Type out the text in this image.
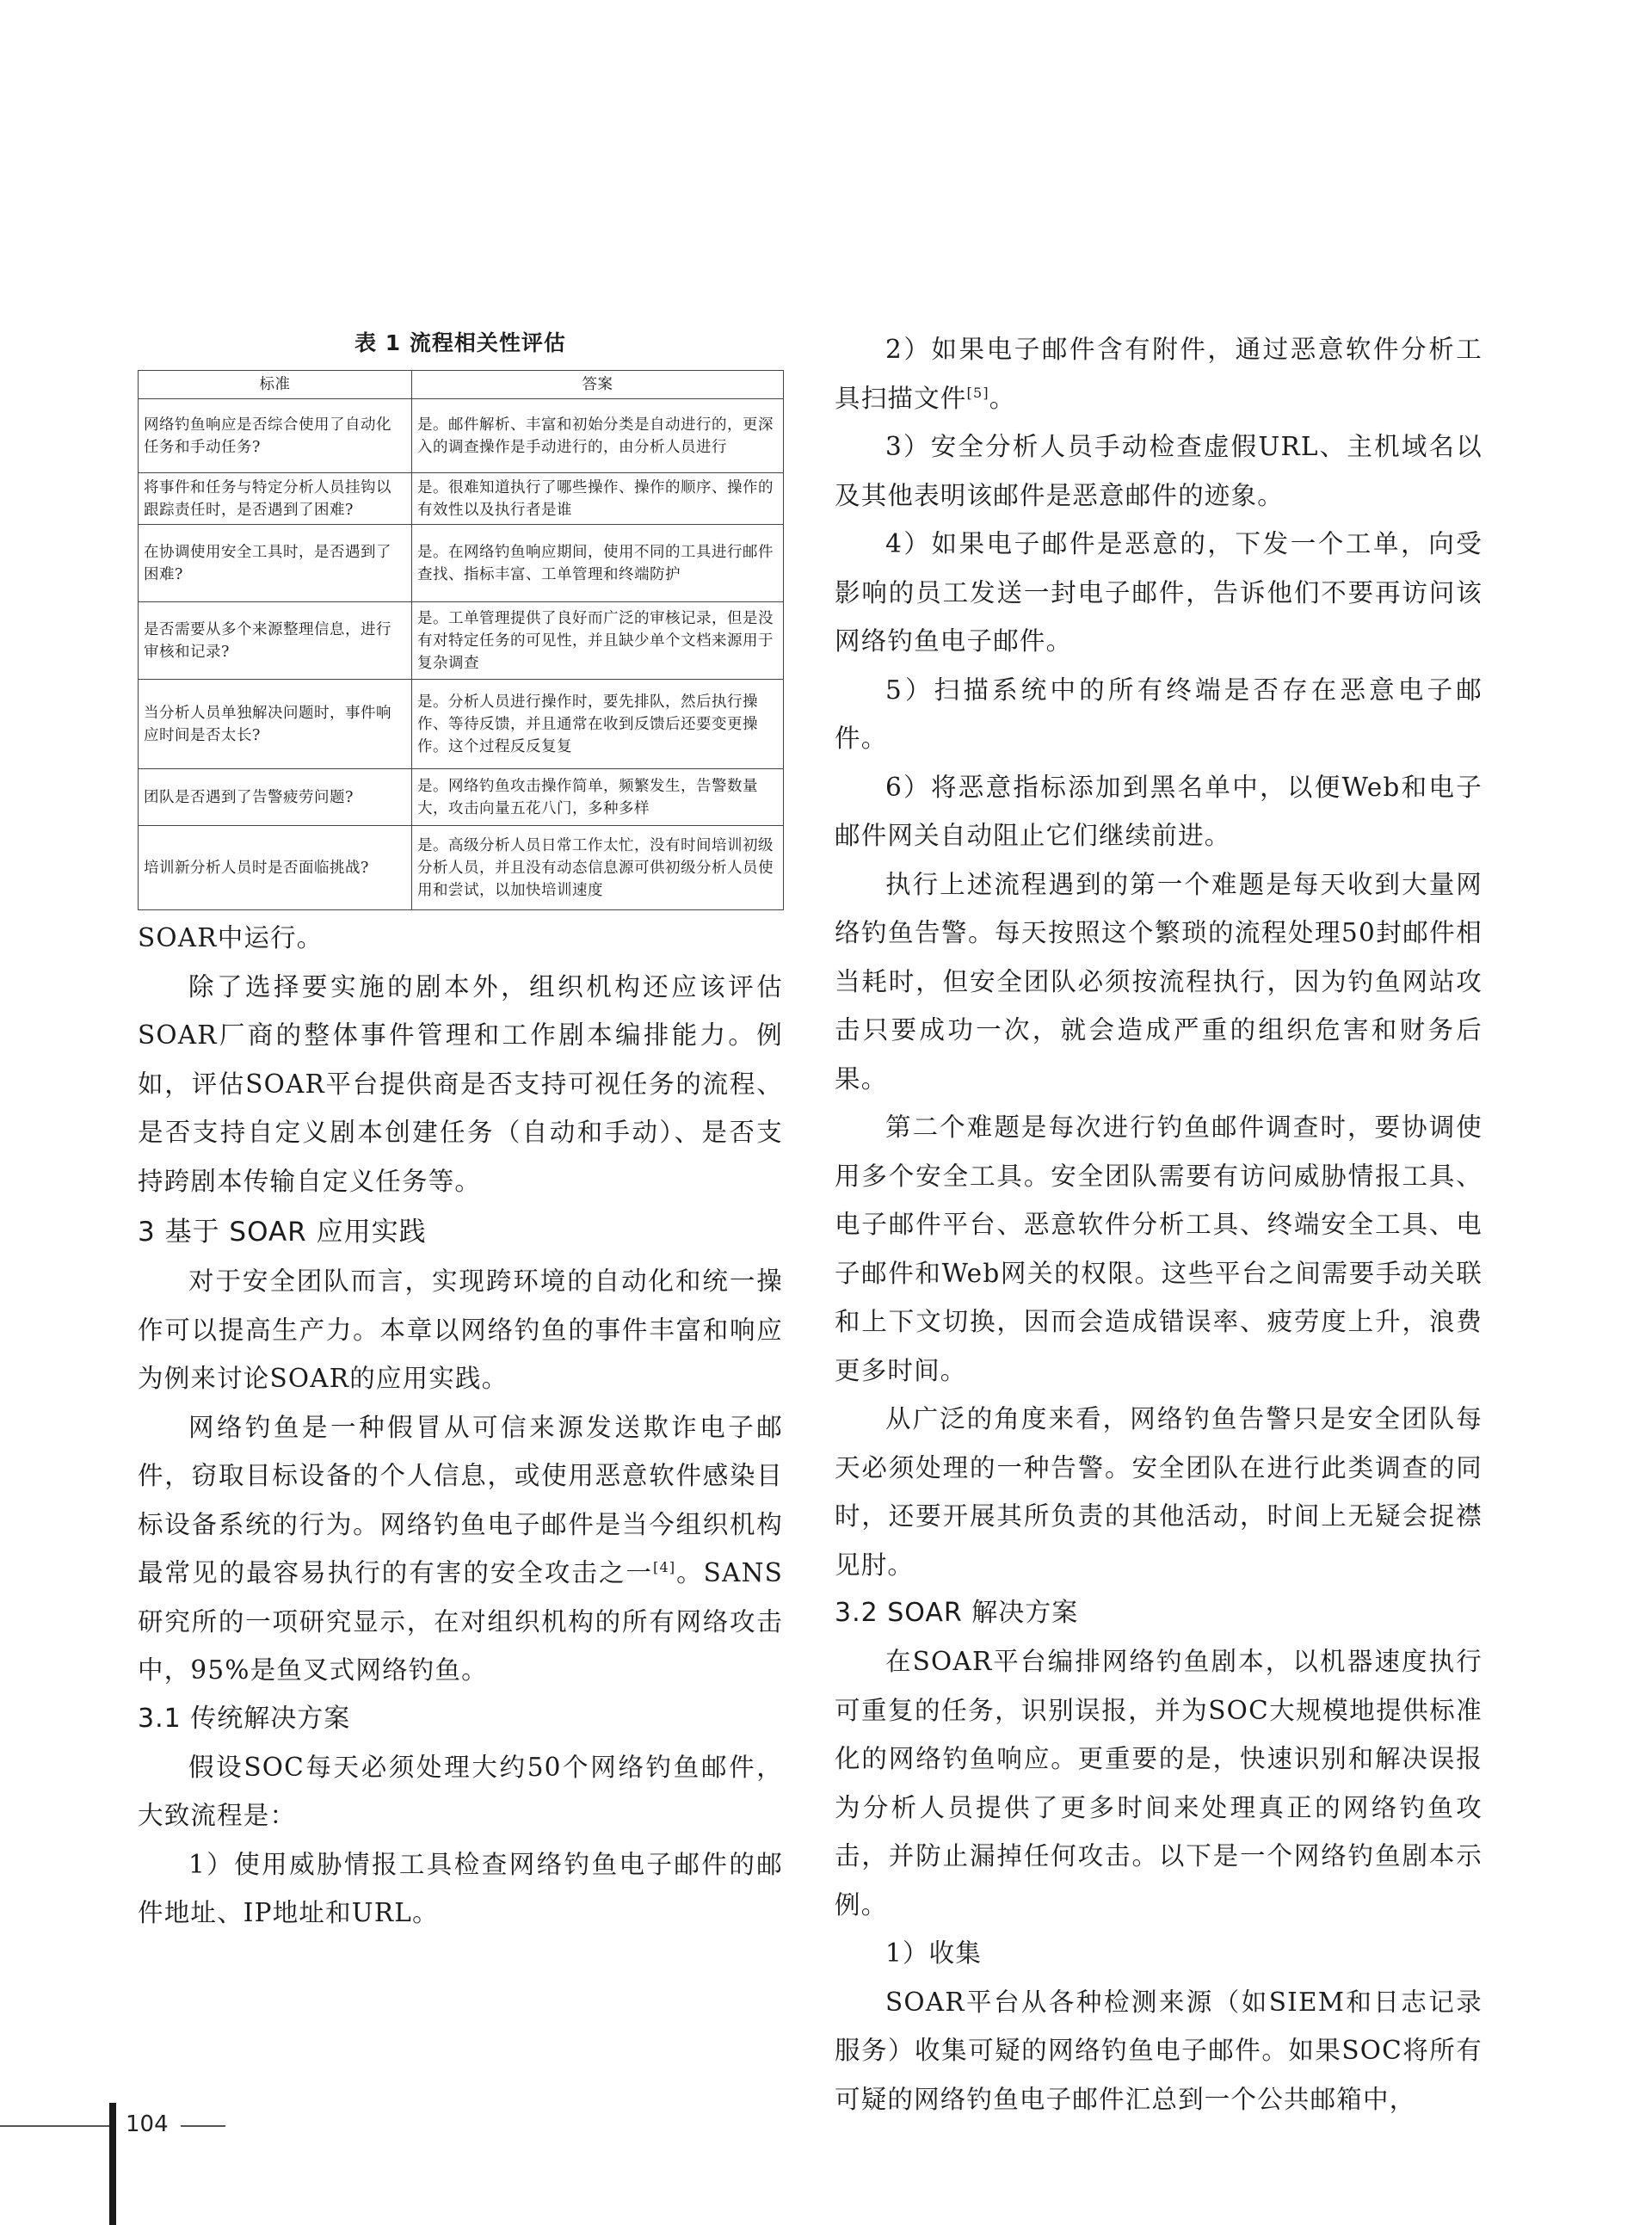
表 1 流程相关性评估
标准	答案
网络钓鱼响应是否综合使用了自动化任务和手动任务?	是。邮件解析、丰富和初始分类是自动进行的，更深入的调查操作是手动进行的，由分析人员进行
将事件和任务与特定分析人员挂钩以跟踪责任时，是否遇到了困难?	是。很难知道执行了哪些操作、操作的顺序、操作的有效性以及执行者是谁
在协调使用安全工具时，是否遇到了困难?	是。在网络钓鱼响应期间，使用不同的工具进行邮件查找、指标丰富、工单管理和终端防护
是否需要从多个来源整理信息，进行审核和记录?	是。工单管理提供了良好而广泛的审核记录，但是没有对特定任务的可见性，并且缺少单个文档来源用于复杂调查
当分析人员单独解决问题时，事件响应时间是否太长?	是。分析人员进行操作时，要先排队，然后执行操作、等待反馈，并且通常在收到反馈后还要变更操作。这个过程反反复复
团队是否遇到了告警疲劳问题?	是。网络钓鱼攻击操作简单，频繁发生，告警数量大，攻击向量五花八门，多种多样
培训新分析人员时是否面临挑战?	是。高级分析人员日常工作太忙，没有时间培训初级分析人员，并且没有动态信息源可供初级分析人员使用和尝试，以加快培训速度

SOAR中运行。

除了选择要实施的剧本外，组织机构还应该评估SOAR厂商的整体事件管理和工作剧本编排能力。例如，评估SOAR平台提供商是否支持可视任务的流程、是否支持自定义剧本创建任务（自动和手动）、是否支持跨剧本传输自定义任务等。

3 基于 SOAR 应用实践

对于安全团队而言，实现跨环境的自动化和统一操作可以提高生产力。本章以网络钓鱼的事件丰富和响应为例来讨论SOAR的应用实践。

网络钓鱼是一种假冒从可信来源发送欺诈电子邮件，窃取目标设备的个人信息，或使用恶意软件感染目标设备系统的行为。网络钓鱼电子邮件是当今组织机构最常见的最容易执行的有害的安全攻击之一[4]。SANS研究所的一项研究显示，在对组织机构的所有网络攻击中，95%是鱼叉式网络钓鱼。

3.1 传统解决方案

假设SOC每天必须处理大约50个网络钓鱼邮件，大致流程是：

1）使用威胁情报工具检查网络钓鱼电子邮件的邮件地址、IP地址和URL。

2）如果电子邮件含有附件，通过恶意软件分析工具扫描文件[5]。

3）安全分析人员手动检查虚假URL、主机域名以及其他表明该邮件是恶意邮件的迹象。

4）如果电子邮件是恶意的，下发一个工单，向受影响的员工发送一封电子邮件，告诉他们不要再访问该网络钓鱼电子邮件。

5）扫描系统中的所有终端是否存在恶意电子邮件。

6）将恶意指标添加到黑名单中，以便Web和电子邮件网关自动阻止它们继续前进。

执行上述流程遇到的第一个难题是每天收到大量网络钓鱼告警。每天按照这个繁琐的流程处理50封邮件相当耗时，但安全团队必须按流程执行，因为钓鱼网站攻击只要成功一次，就会造成严重的组织危害和财务后果。

第二个难题是每次进行钓鱼邮件调查时，要协调使用多个安全工具。安全团队需要有访问威胁情报工具、电子邮件平台、恶意软件分析工具、终端安全工具、电子邮件和Web网关的权限。这些平台之间需要手动关联和上下文切换，因而会造成错误率、疲劳度上升，浪费更多时间。

从广泛的角度来看，网络钓鱼告警只是安全团队每天必须处理的一种告警。安全团队在进行此类调查的同时，还要开展其所负责的其他活动，时间上无疑会捉襟见肘。

3.2 SOAR 解决方案

在SOAR平台编排网络钓鱼剧本，以机器速度执行可重复的任务，识别误报，并为SOC大规模地提供标准化的网络钓鱼响应。更重要的是，快速识别和解决误报为分析人员提供了更多时间来处理真正的网络钓鱼攻击，并防止漏掉任何攻击。以下是一个网络钓鱼剧本示例。

1）收集

SOAR平台从各种检测来源（如SIEM和日志记录服务）收集可疑的网络钓鱼电子邮件。如果SOC将所有可疑的网络钓鱼电子邮件汇总到一个公共邮箱中，

104
